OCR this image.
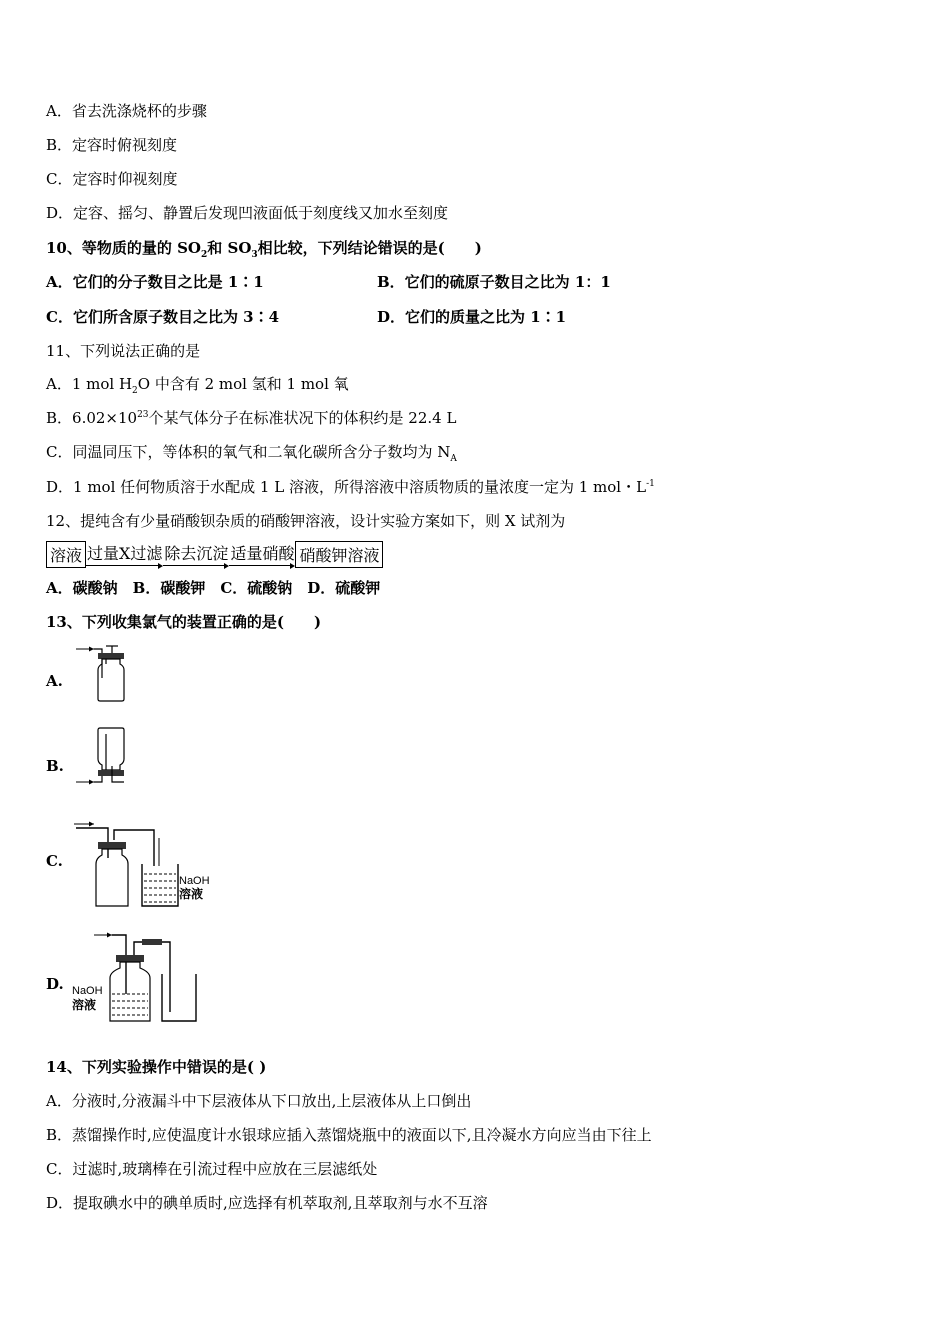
A．省去洗涤烧杯的步骤
B．定容时俯视刻度
C．定容时仰视刻度
D．定容、摇匀、静置后发现凹液面低于刻度线又加水至刻度
10、等物质的量的 $SO_2$和 $SO_3$相比较，下列结论错误的是(　　)
A．它们的分子数目之比是 1∶1	B．它们的硫原子数目之比为 1：1
C．它们所含原子数目之比为 3∶4	D．它们的质量之比为 1∶1
11、下列说法正确的是
A．1 mol $H_2O$ 中含有 2 mol 氢和 1 mol 氧
B．$6.02\times 10^{23}$个某气体分子在标准状况下的体积约是 22.4 L
C．同温同压下，等体积的氧气和二氧化碳所含分子数均为 $N_A$
D．1 mol 任何物质溶于水配成 1 L 溶液，所得溶液中溶质物质的量浓度一定为 1 mol・$L^{-1}$
12、提纯含有少量硝酸钡杂质的硝酸钾溶液，设计实验方案如下，则 X 试剂为
溶液 过量X过滤 除去沉淀 适量硝酸 硝酸钾溶液
A．碳酸钠　B．碳酸钾　C．硫酸钠　D．硫酸钾
13、下列收集氯气的装置正确的是(　　)
A.
B.
C.
NaOH
溶液
D. NaOH
溶液
14、下列实验操作中错误的是( )
A．分液时,分液漏斗中下层液体从下口放出,上层液体从上口倒出
B．蒸馏操作时,应使温度计水银球应插入蒸馏烧瓶中的液面以下,且冷凝水方向应当由下往上
C．过滤时,玻璃棒在引流过程中应放在三层滤纸处
D．提取碘水中的碘单质时,应选择有机萃取剂,且萃取剂与水不互溶
